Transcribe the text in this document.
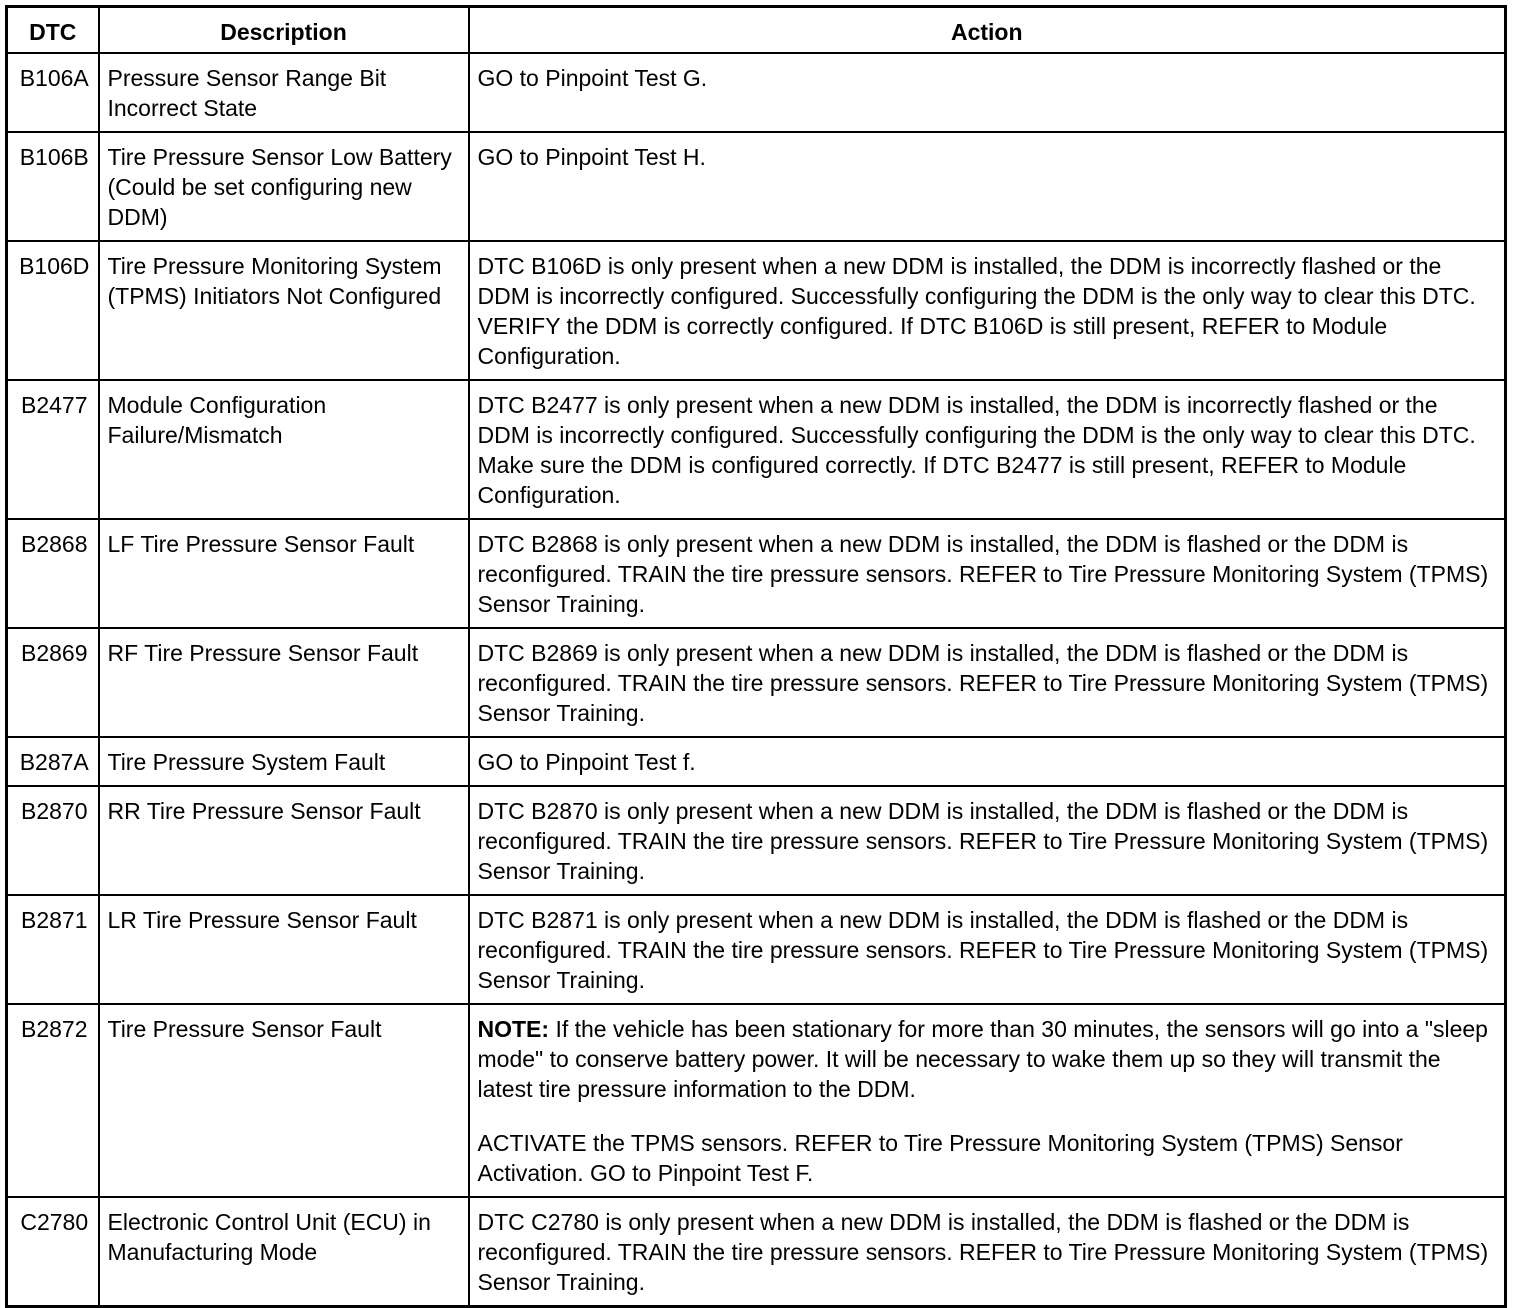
DTC	Description	Action
B106A	Pressure Sensor Range Bit Incorrect State	GO to Pinpoint Test G.
B106B	Tire Pressure Sensor Low Battery (Could be set configuring new DDM)	GO to Pinpoint Test H.
B106D	Tire Pressure Monitoring System (TPMS) Initiators Not Configured	DTC B106D is only present when a new DDM is installed, the DDM is incorrectly flashed or the DDM is incorrectly configured. Successfully configuring the DDM is the only way to clear this DTC. VERIFY the DDM is correctly configured. If DTC B106D is still present, REFER to Module Configuration.
B2477	Module Configuration Failure/Mismatch	DTC B2477 is only present when a new DDM is installed, the DDM is incorrectly flashed or the DDM is incorrectly configured. Successfully configuring the DDM is the only way to clear this DTC. Make sure the DDM is configured correctly. If DTC B2477 is still present, REFER to Module Configuration.
B2868	LF Tire Pressure Sensor Fault	DTC B2868 is only present when a new DDM is installed, the DDM is flashed or the DDM is reconfigured. TRAIN the tire pressure sensors. REFER to Tire Pressure Monitoring System (TPMS) Sensor Training.
B2869	RF Tire Pressure Sensor Fault	DTC B2869 is only present when a new DDM is installed, the DDM is flashed or the DDM is reconfigured. TRAIN the tire pressure sensors. REFER to Tire Pressure Monitoring System (TPMS) Sensor Training.
B287A	Tire Pressure System Fault	GO to Pinpoint Test f.
B2870	RR Tire Pressure Sensor Fault	DTC B2870 is only present when a new DDM is installed, the DDM is flashed or the DDM is reconfigured. TRAIN the tire pressure sensors. REFER to Tire Pressure Monitoring System (TPMS) Sensor Training.
B2871	LR Tire Pressure Sensor Fault	DTC B2871 is only present when a new DDM is installed, the DDM is flashed or the DDM is reconfigured. TRAIN the tire pressure sensors. REFER to Tire Pressure Monitoring System (TPMS) Sensor Training.
B2872	Tire Pressure Sensor Fault	NOTE: If the vehicle has been stationary for more than 30 minutes, the sensors will go into a "sleep mode" to conserve battery power. It will be necessary to wake them up so they will transmit the latest tire pressure information to the DDM.
ACTIVATE the TPMS sensors. REFER to Tire Pressure Monitoring System (TPMS) Sensor Activation. GO to Pinpoint Test F.

C2780	Electronic Control Unit (ECU) in Manufacturing Mode	DTC C2780 is only present when a new DDM is installed, the DDM is flashed or the DDM is reconfigured. TRAIN the tire pressure sensors. REFER to Tire Pressure Monitoring System (TPMS) Sensor Training.
